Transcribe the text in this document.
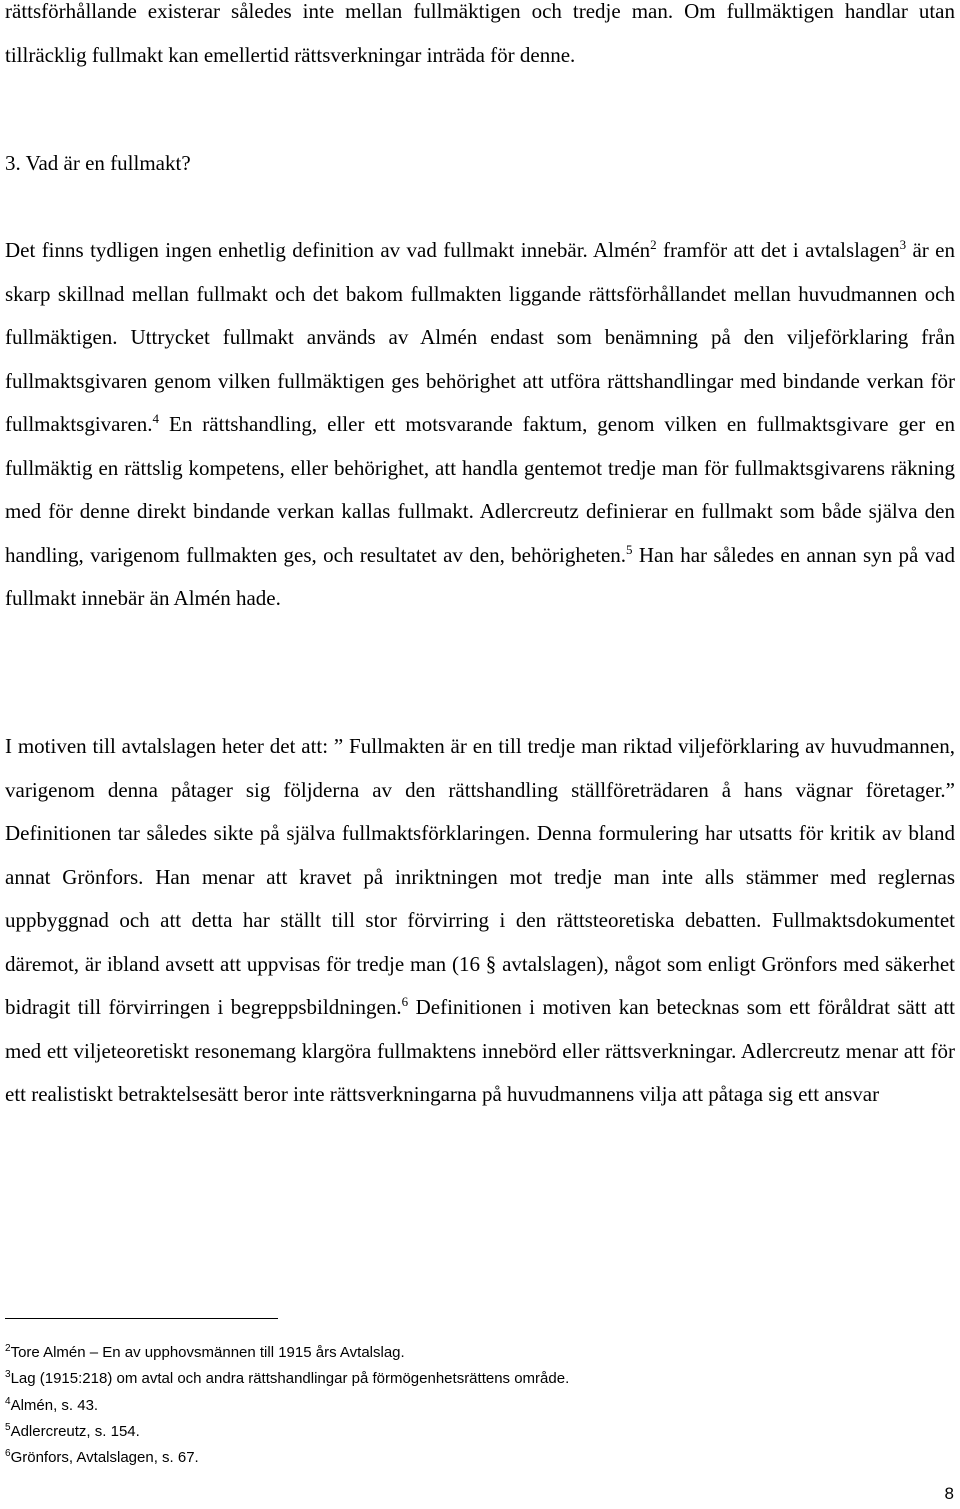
rättsförhållande existerar således inte mellan fullmäktigen och tredje man. Om fullmäktigen handlar utan tillräcklig fullmakt kan emellertid rättsverkningar inträda för denne.

3. Vad är en fullmakt?

Det finns tydligen ingen enhetlig definition av vad fullmakt innebär. Almén$^2$ framför att det i avtalslagen$^3$ är en skarp skillnad mellan fullmakt och det bakom fullmakten liggande rättsförhållandet mellan huvudmannen och fullmäktigen. Uttrycket fullmakt används av Almén endast som benämning på den viljeförklaring från fullmaktsgivaren genom vilken fullmäktigen ges behörighet att utföra rättshandlingar med bindande verkan för fullmaktsgivaren.$^4$ En rättshandling, eller ett motsvarande faktum, genom vilken en fullmaktsgivare ger en fullmäktig en rättslig kompetens, eller behörighet, att handla gentemot tredje man för fullmaktsgivarens räkning med för denne direkt bindande verkan kallas fullmakt. Adlercreutz definierar en fullmakt som både själva den handling, varigenom fullmakten ges, och resultatet av den, behörigheten.$^5$ Han har således en annan syn på vad fullmakt innebär än Almén hade.

I motiven till avtalslagen heter det att: ” Fullmakten är en till tredje man riktad viljeförklaring av huvudmannen, varigenom denna påtager sig följderna av den rättshandling ställföreträdaren å hans vägnar företager.” Definitionen tar således sikte på själva fullmaktsförklaringen. Denna formulering har utsatts för kritik av bland annat Grönfors. Han menar att kravet på inriktningen mot tredje man inte alls stämmer med reglernas uppbyggnad och att detta har ställt till stor förvirring i den rättsteoretiska debatten. Fullmaktsdokumentet däremot, är ibland avsett att uppvisas för tredje man (16 § avtalslagen), något som enligt Grönfors med säkerhet bidragit till förvirringen i begreppsbildningen.$^6$ Definitionen i motiven kan betecknas som ett föråldrat sätt att med ett viljeteoretiskt resonemang klargöra fullmaktens innebörd eller rättsverkningar. Adlercreutz menar att för ett realistiskt betraktelsesätt beror inte rättsverkningarna på huvudmannens vilja att påtaga sig ett ansvar

$^2$Tore Almén – En av upphovsmännen till 1915 års Avtalslag.
$^3$Lag (1915:218) om avtal och andra rättshandlingar på förmögenhetsrättens område.
$^4$Almén, s. 43.
$^5$Adlercreutz, s. 154.
$^6$Grönfors, Avtalslagen, s. 67.
8
